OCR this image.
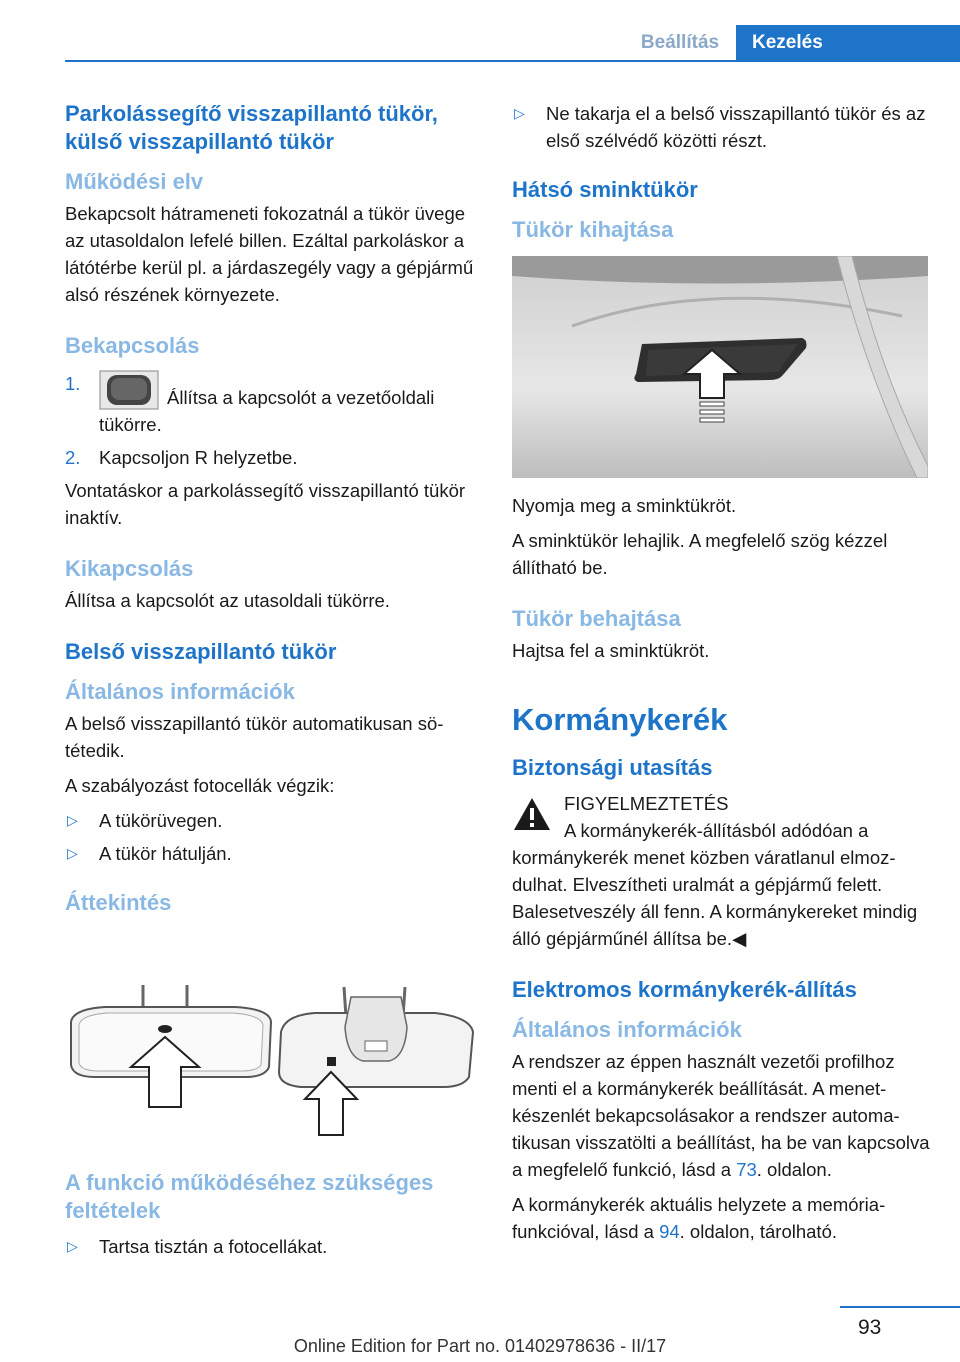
Beállítás	Kezelés
Parkolássegítő visszapillantó tükör, külső visszapillantó tükör
Működési elv

Bekapcsolt hátrameneti fokozatnál a tükör üvege az utasoldalon lefelé billen. Ezáltal parkoláskor a látótérbe kerül pl. a járdaszegély vagy a gépjármű alsó részének környezete.

Bekapcsolás
1.
Állítsa a kapcsolót a vezetőoldali tükörre.
2. Kapcsoljon R helyzetbe.

Vontatáskor a parkolássegítő visszapillantó tükör inaktív.

Kikapcsolás

Állítsa a kapcsolót az utasoldali tükörre.

Belső visszapillantó tükör
Általános információk

A belső visszapillantó tükör automatikusan sötétedik.

A szabályozást fotocellák végzik:

▷ A tükörüvegen.
▷ A tükör hátulján.
Áttekintés
A funkció működéséhez szükséges feltételek
▷ Tartsa tisztán a fotocellákat.
▷ Ne takarja el a belső visszapillantó tükör és az első szélvédő közötti részt.
Hátsó sminktükör
Tükör kihajtása

Nyomja meg a sminktükröt.

A sminktükör lehajlik. A megfelelő szög kézzel állítható be.

Tükör behajtása

Hajtsa fel a sminktükröt.

Kormánykerék
Biztonsági utasítás

FIGYELMEZTETÉS

A kormánykerék-állításból adódóan a kormánykerék menet közben váratlanul elmozdulhat. Elveszítheti uralmát a gépjármű felett. Balesetveszély áll fenn. A kormánykereket mindig álló gépjárműnél állítsa be.◀

Elektromos kormánykerék-állítás
Általános információk

A rendszer az éppen használt vezetői profilhoz menti el a kormánykerék beállítását. A menetkészenlét bekapcsolásakor a rendszer automatikusan visszatölti a beállítást, ha be van kapcsolva a megfelelő funkció, lásd a 73. oldalon.

A kormánykerék aktuális helyzete a memóriafunkcióval, lásd a 94. oldalon, tárolható.

93
Online Edition for Part no. 01402978636 - II/17
